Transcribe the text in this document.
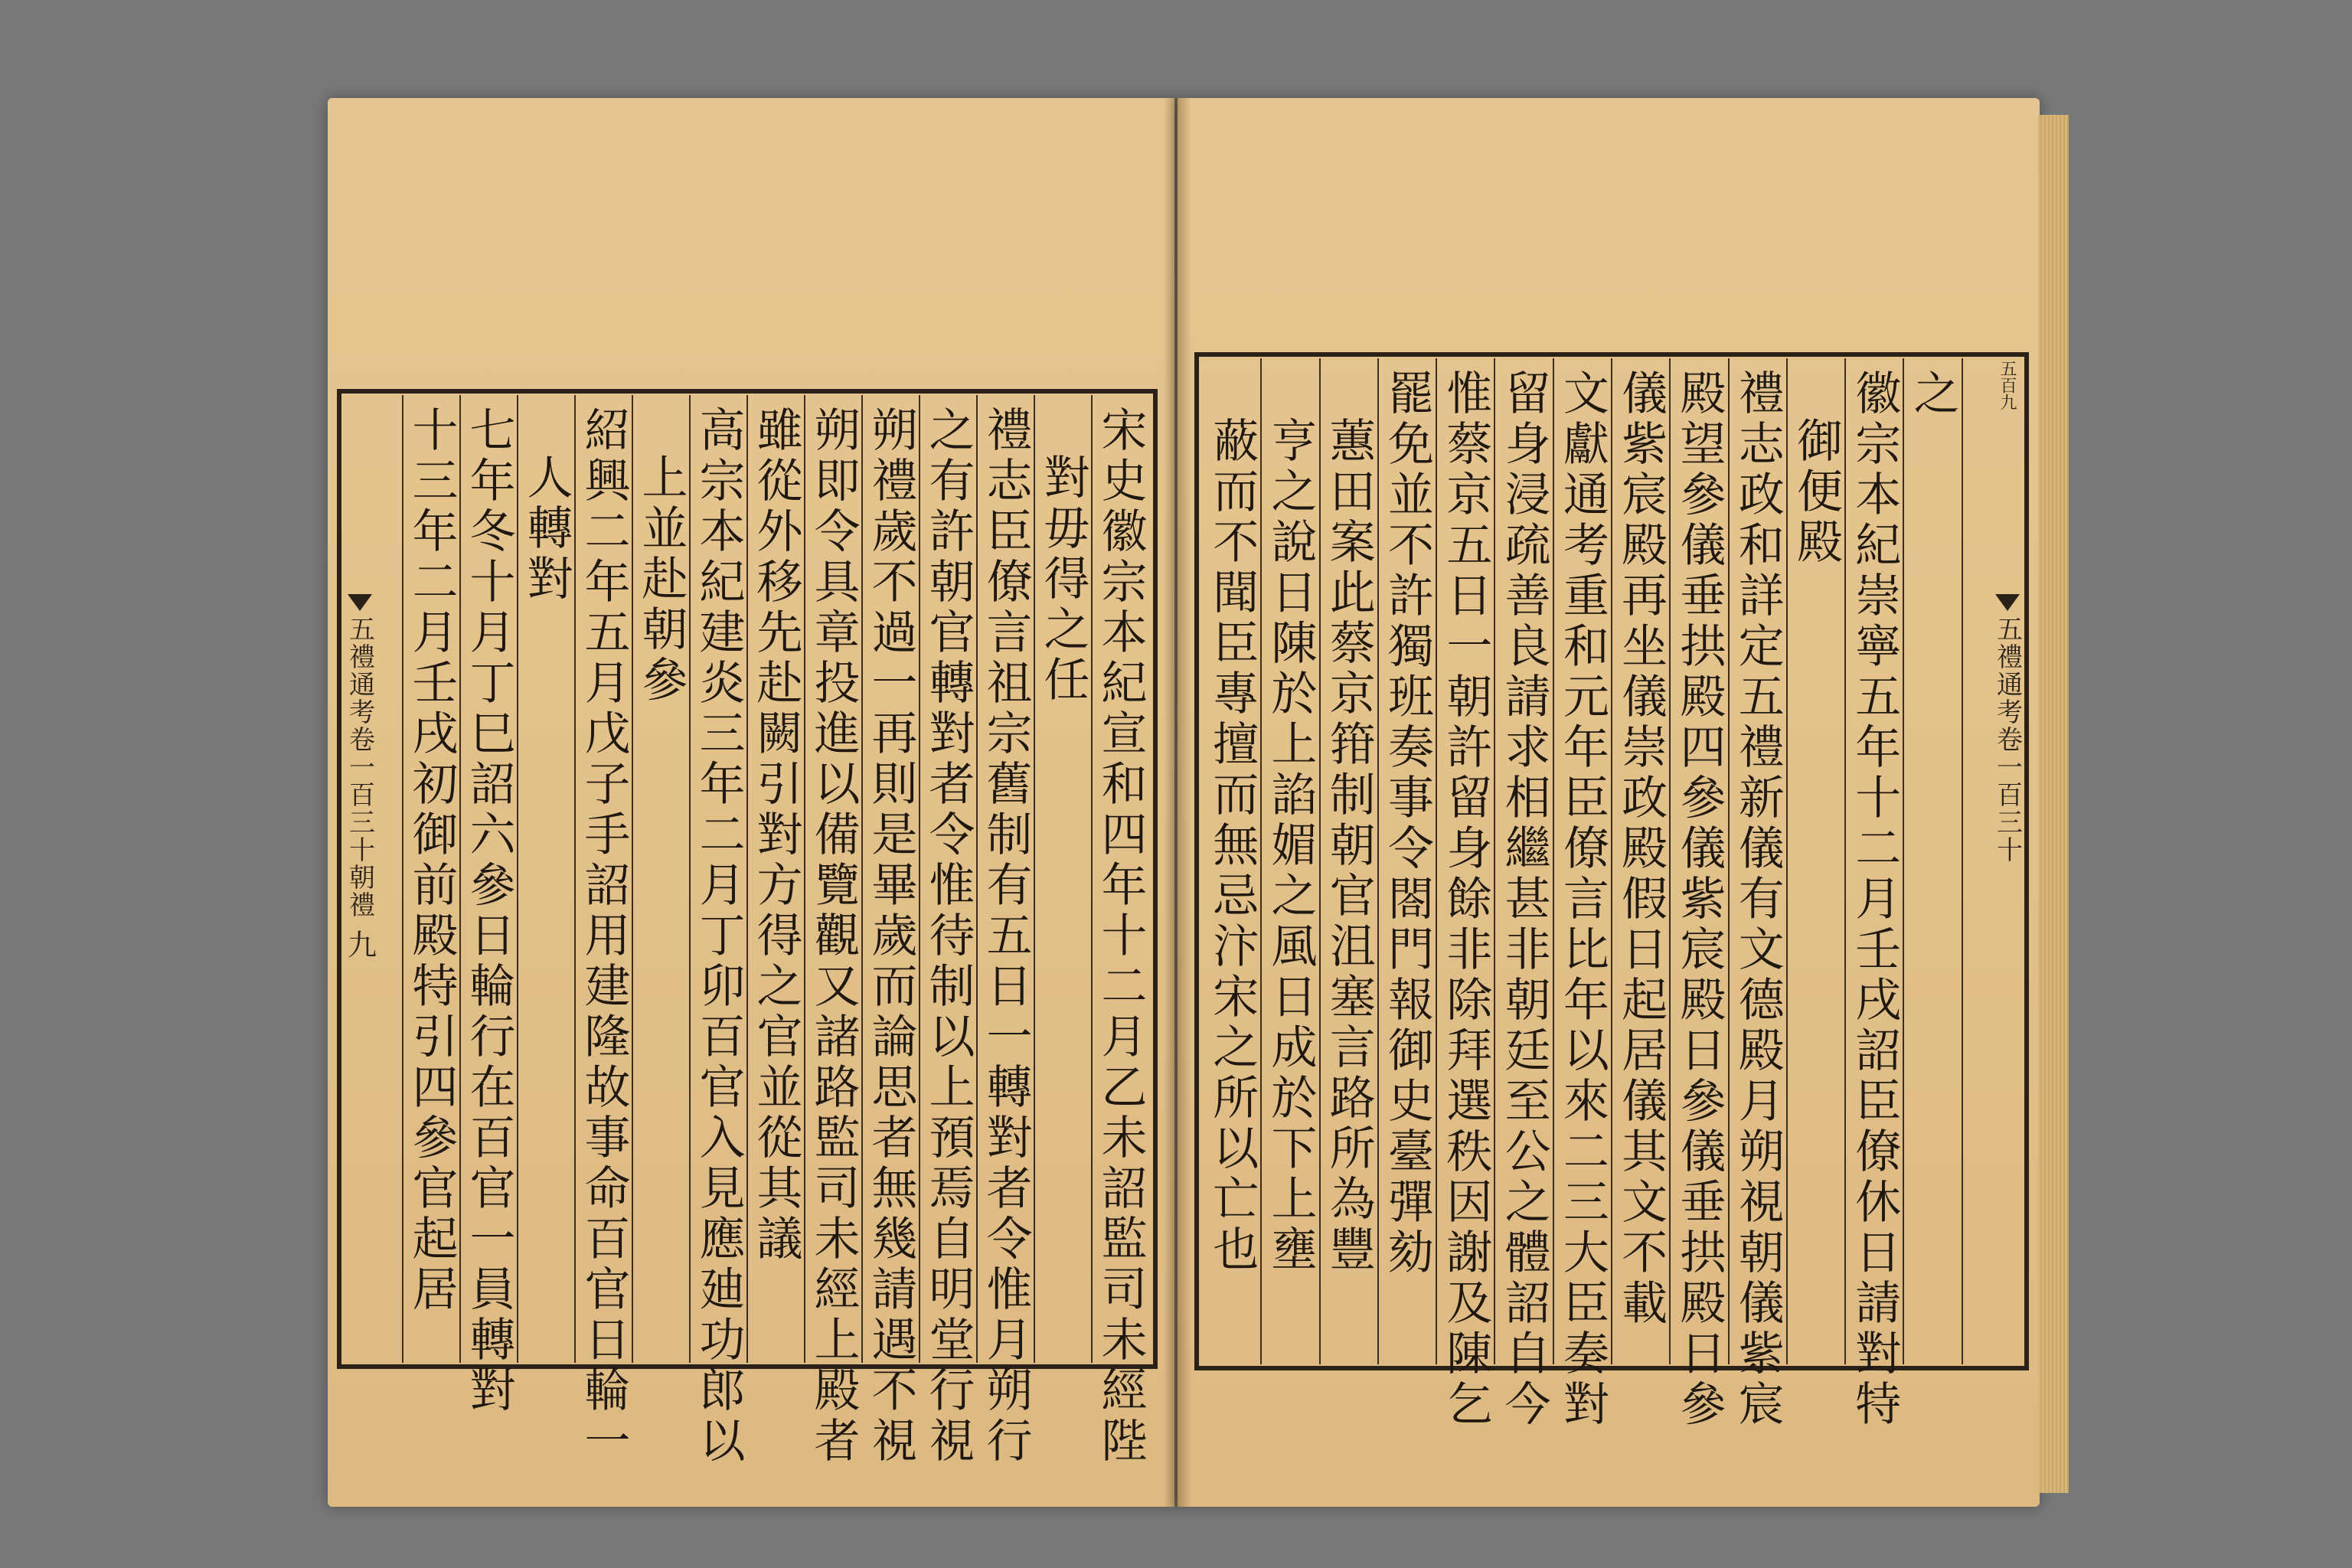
宋史徽宗本紀宣和四年十二月乙未詔監司未經陛
對毋得之任
禮志臣僚言祖宗舊制有五日一轉對者令惟月朔行
之有許朝官轉對者令惟待制以上預焉自明堂行視
朔禮歲不過一再則是畢歲而論思者無幾請遇不視
朔即令具章投進以備覽觀又諸路監司未經上殿者
雖從外移先赴闕引對方得之官並從其議
高宗本紀建炎三年二月丁卯百官入見應廸功郎以
上並赴朝參
紹興二年五月戊子手詔用建隆故事命百官日輪一
人轉對
七年冬十月丁巳詔六參日輪行在百官一員轉對
十三年二月壬戌初御前殿特引四參官起居
五禮通考卷一百三十朝禮
九
之
徽宗本紀崇寧五年十二月壬戌詔臣僚休日請對特
御便殿
禮志政和詳定五禮新儀有文德殿月朔視朝儀紫宸
殿望參儀垂拱殿四參儀紫宸殿日參儀垂拱殿日參
儀紫宸殿再坐儀崇政殿假日起居儀其文不載
文獻通考重和元年臣僚言比年以來二三大臣奏對
留身浸疏善良請求相繼甚非朝廷至公之體詔自今
惟蔡京五日一朝許留身餘非除拜選秩因謝及陳乞
罷免並不許獨班奏事令閤門報御史臺彈劾
蕙田案此蔡京箝制朝官沮塞言路所為豐
亨之說日陳於上諂媚之風日成於下上壅
蔽而不聞臣專擅而無忌汴宋之所以亡也
五百九
五禮通考卷一百三十
